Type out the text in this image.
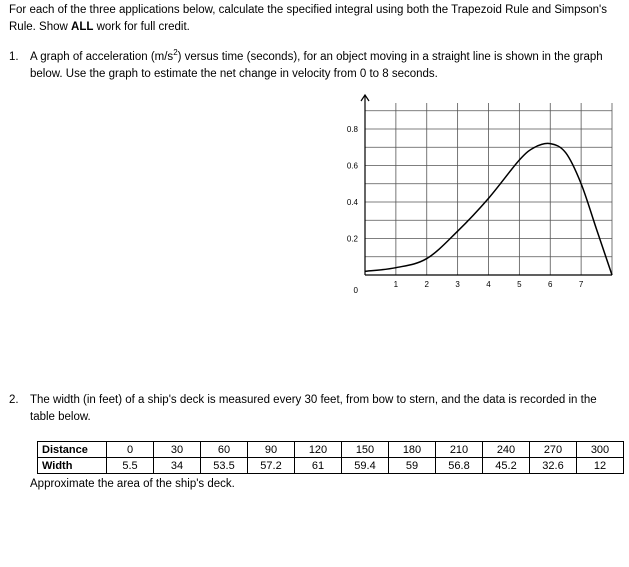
For each of the three applications below, calculate the specified integral using both the Trapezoid Rule and Simpson's
Rule. Show ALL work for full credit.
1. A graph of acceleration $(m/s^2)$ versus time (seconds), for an object moving in a straight line is shown in the graph
below. Use the graph to estimate the net change in velocity from 0 to 8 seconds.
0
0.2
0.4
0.6
0.8
1	2	3	4	5	6	7
2. The width (in feet) of a ship's deck is measured every 30 feet, from bow to stern, and the data is recorded in the
table below.
Distance	0	30	60	90	120	150	180	210	240	270	300
Width	5.5	34	53.5	57.2	61	59.4	59	56.8	45.2	32.6	12
Approximate the area of the ship's deck.
